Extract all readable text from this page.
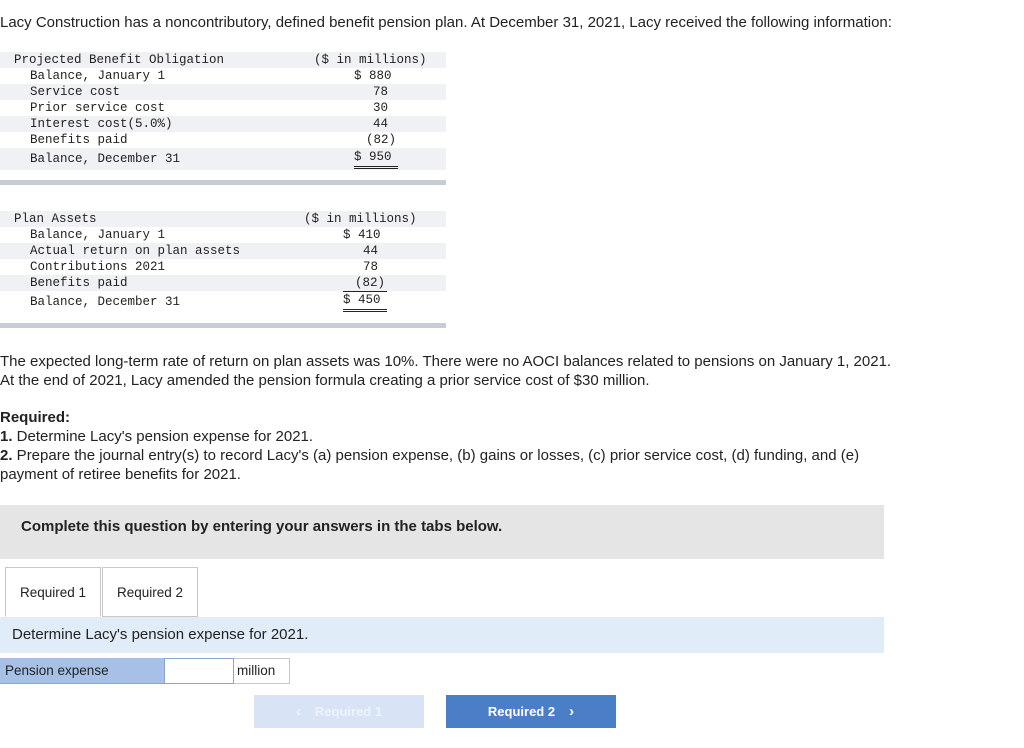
Lacy Construction has a noncontributory, defined benefit pension plan. At December 31, 2021, Lacy received the following information:
Projected Benefit Obligation	($ in millions)
Balance, January 1	$ 880
Service cost	78
Prior service cost	30
Interest cost(5.0%)	44
Benefits paid	(82)
Balance, December 31	$ 950
Plan Assets	($ in millions)
Balance, January 1	$ 410
Actual return on plan assets	44
Contributions 2021	78
Benefits paid	(82)
Balance, December 31	$ 450
The expected long-term rate of return on plan assets was 10%. There were no AOCI balances related to pensions on January 1, 2021.
At the end of 2021, Lacy amended the pension formula creating a prior service cost of $30 million.
Required:
1. Determine Lacy's pension expense for 2021.
2. Prepare the journal entry(s) to record Lacy's (a) pension expense, (b) gains or losses, (c) prior service cost, (d) funding, and (e)
payment of retiree benefits for 2021.
Complete this question by entering your answers in the tabs below.
Required 1	Required 2
Determine Lacy's pension expense for 2021.
Pension expense	million
‹ Required 1	Required 2 ›
